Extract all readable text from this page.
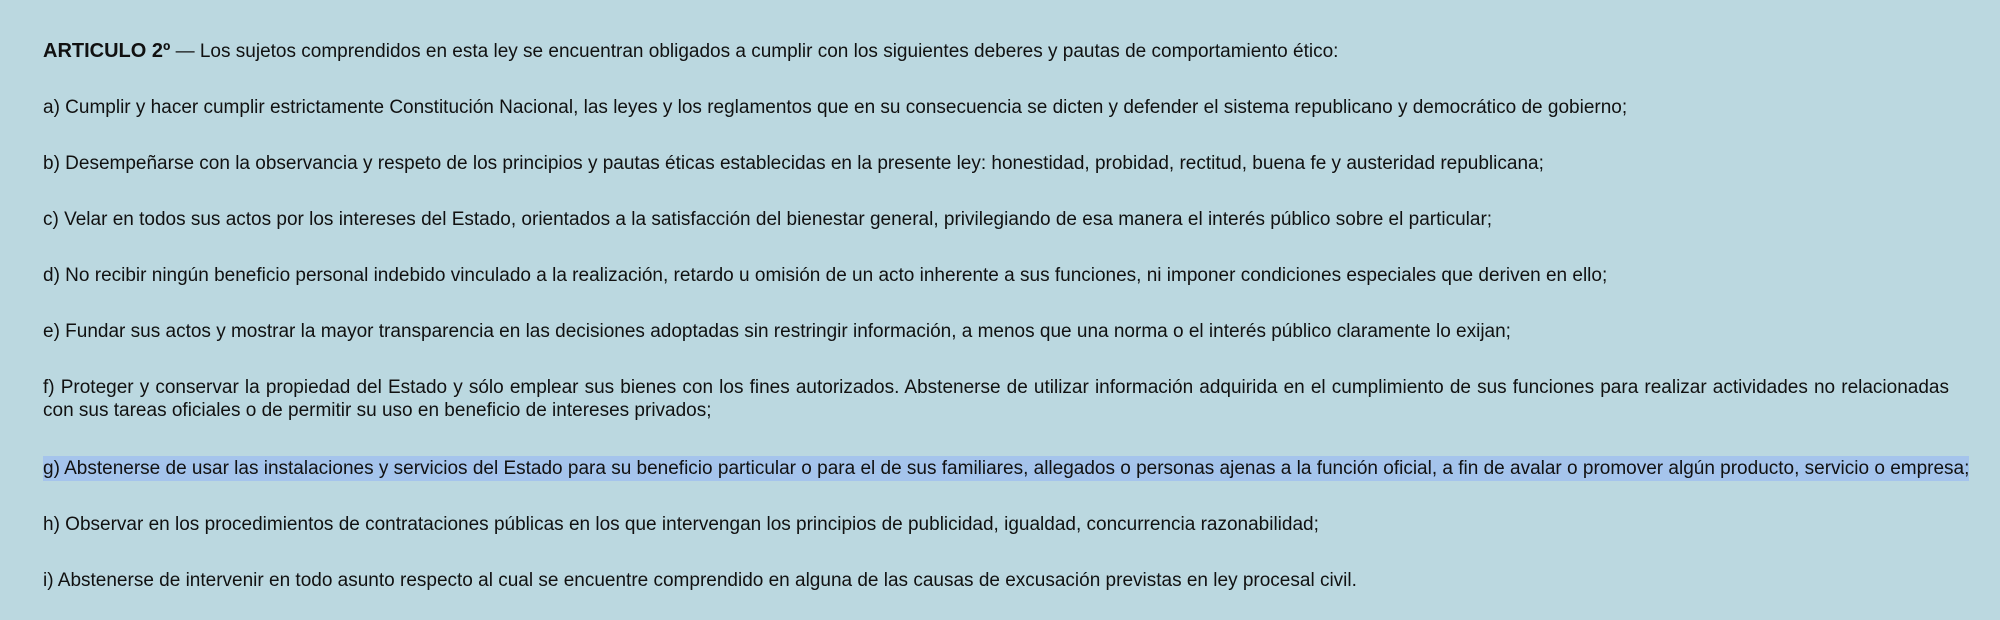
ARTICULO 2º — Los sujetos comprendidos en esta ley se encuentran obligados a cumplir con los siguientes deberes y pautas de comportamiento ético:
a) Cumplir y hacer cumplir estrictamente Constitución Nacional, las leyes y los reglamentos que en su consecuencia se dicten y defender el sistema republicano y democrático de gobierno;
b) Desempeñarse con la observancia y respeto de los principios y pautas éticas establecidas en la presente ley: honestidad, probidad, rectitud, buena fe y austeridad republicana;
c) Velar en todos sus actos por los intereses del Estado, orientados a la satisfacción del bienestar general, privilegiando de esa manera el interés público sobre el particular;
d) No recibir ningún beneficio personal indebido vinculado a la realización, retardo u omisión de un acto inherente a sus funciones, ni imponer condiciones especiales que deriven en ello;
e) Fundar sus actos y mostrar la mayor transparencia en las decisiones adoptadas sin restringir información, a menos que una norma o el interés público claramente lo exijan;
f) Proteger y conservar la propiedad del Estado y sólo emplear sus bienes con los fines autorizados. Abstenerse de utilizar información adquirida en el cumplimiento de sus funciones para realizar actividades no relacionadas con sus tareas oficiales o de permitir su uso en beneficio de intereses privados;
g) Abstenerse de usar las instalaciones y servicios del Estado para su beneficio particular o para el de sus familiares, allegados o personas ajenas a la función oficial, a fin de avalar o promover algún producto, servicio o empresa;
h) Observar en los procedimientos de contrataciones públicas en los que intervengan los principios de publicidad, igualdad, concurrencia razonabilidad;
i) Abstenerse de intervenir en todo asunto respecto al cual se encuentre comprendido en alguna de las causas de excusación previstas en ley procesal civil.
